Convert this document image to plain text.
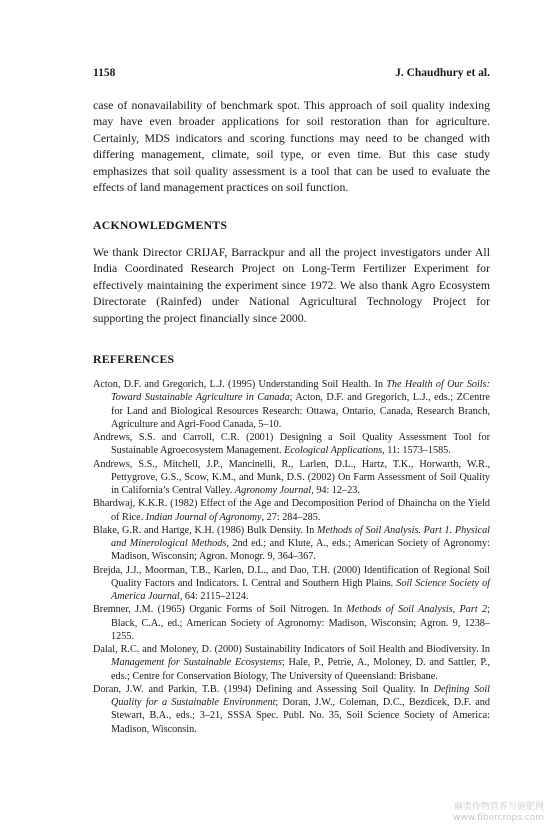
1158	J. Chaudhury et al.

case of nonavailability of benchmark spot. This approach of soil quality indexing may have even broader applications for soil restoration than for agriculture. Certainly, MDS indicators and scoring functions may need to be changed with differing management, climate, soil type, or even time. But this case study emphasizes that soil quality assessment is a tool that can be used to evaluate the effects of land management practices on soil function.

ACKNOWLEDGMENTS

We thank Director CRIJAF, Barrackpur and all the project investigators under All India Coordinated Research Project on Long-Term Fertilizer Experiment for effectively maintaining the experiment since 1972. We also thank Agro Ecosystem Directorate (Rainfed) under National Agricultural Technology Project for supporting the project financially since 2000.

REFERENCES
Acton, D.F. and Gregorich, L.J. (1995) Understanding Soil Health. In The Health of Our Soils: Toward Sustainable Agriculture in Canada; Acton, D.F. and Gregorich, L.J., eds.; ZCentre for Land and Biological Resources Research: Ottawa, Ontario, Canada, Research Branch, Agriculture and Agri-Food Canada, 5–10.
Andrews, S.S. and Carroll, C.R. (2001) Designing a Soil Quality Assessment Tool for Sustainable Agroecosystem Management. Ecological Applications, 11: 1573–1585.
Andrews, S.S., Mitchell, J.P., Mancinelli, R., Larlen, D.L., Hartz, T.K., Horwarth, W.R., Pettygrove, G.S., Scow, K.M., and Munk, D.S. (2002) On Farm Assessment of Soil Quality in California’s Central Valley. Agronomy Journal, 94: 12–23.
Bhardwaj, K.K.R. (1982) Effect of the Age and Decomposition Period of Dhaincha on the Yield of Rice. Indian Journal of Agronomy, 27: 284–285.
Blake, G.R. and Hartge, K.H. (1986) Bulk Density. In Methods of Soil Analysis. Part 1. Physical and Minerological Methods, 2nd ed.; and Klute, A., eds.; American Society of Agronomy: Madison, Wisconsin; Agron. Monogr. 9, 364–367.
Brejda, J.J., Moorman, T.B., Karlen, D.L., and Dao, T.H. (2000) Identification of Regional Soil Quality Factors and Indicators. I. Central and Southern High Plains. Soil Science Society of America Journal, 64: 2115–2124.
Bremner, J.M. (1965) Organic Forms of Soil Nitrogen. In Methods of Soil Analysis, Part 2; Black, C.A., ed.; American Society of Agronomy: Madison, Wisconsin; Agron. 9, 1238–1255.
Dalal, R.C. and Moloney, D. (2000) Sustainability Indicators of Soil Health and Biodiversity. In Management for Sustainable Ecosystems; Hale, P., Petrie, A., Moloney, D. and Sattler, P., eds.; Centre for Conservation Biology, The University of Queensland: Brisbane.
Doran, J.W. and Parkin, T.B. (1994) Defining and Assessing Soil Quality. In Defining Soil Quality for a Sustainable Environment; Doran, J.W., Coleman, D.C., Bezdicek, D.F. and Stewart, B.A., eds.; 3–21, SSSA Spec. Publ. No. 35, Soil Science Society of America: Madison, Wisconsin.
麻类作物营养与施肥网
www.fibercrops.com
